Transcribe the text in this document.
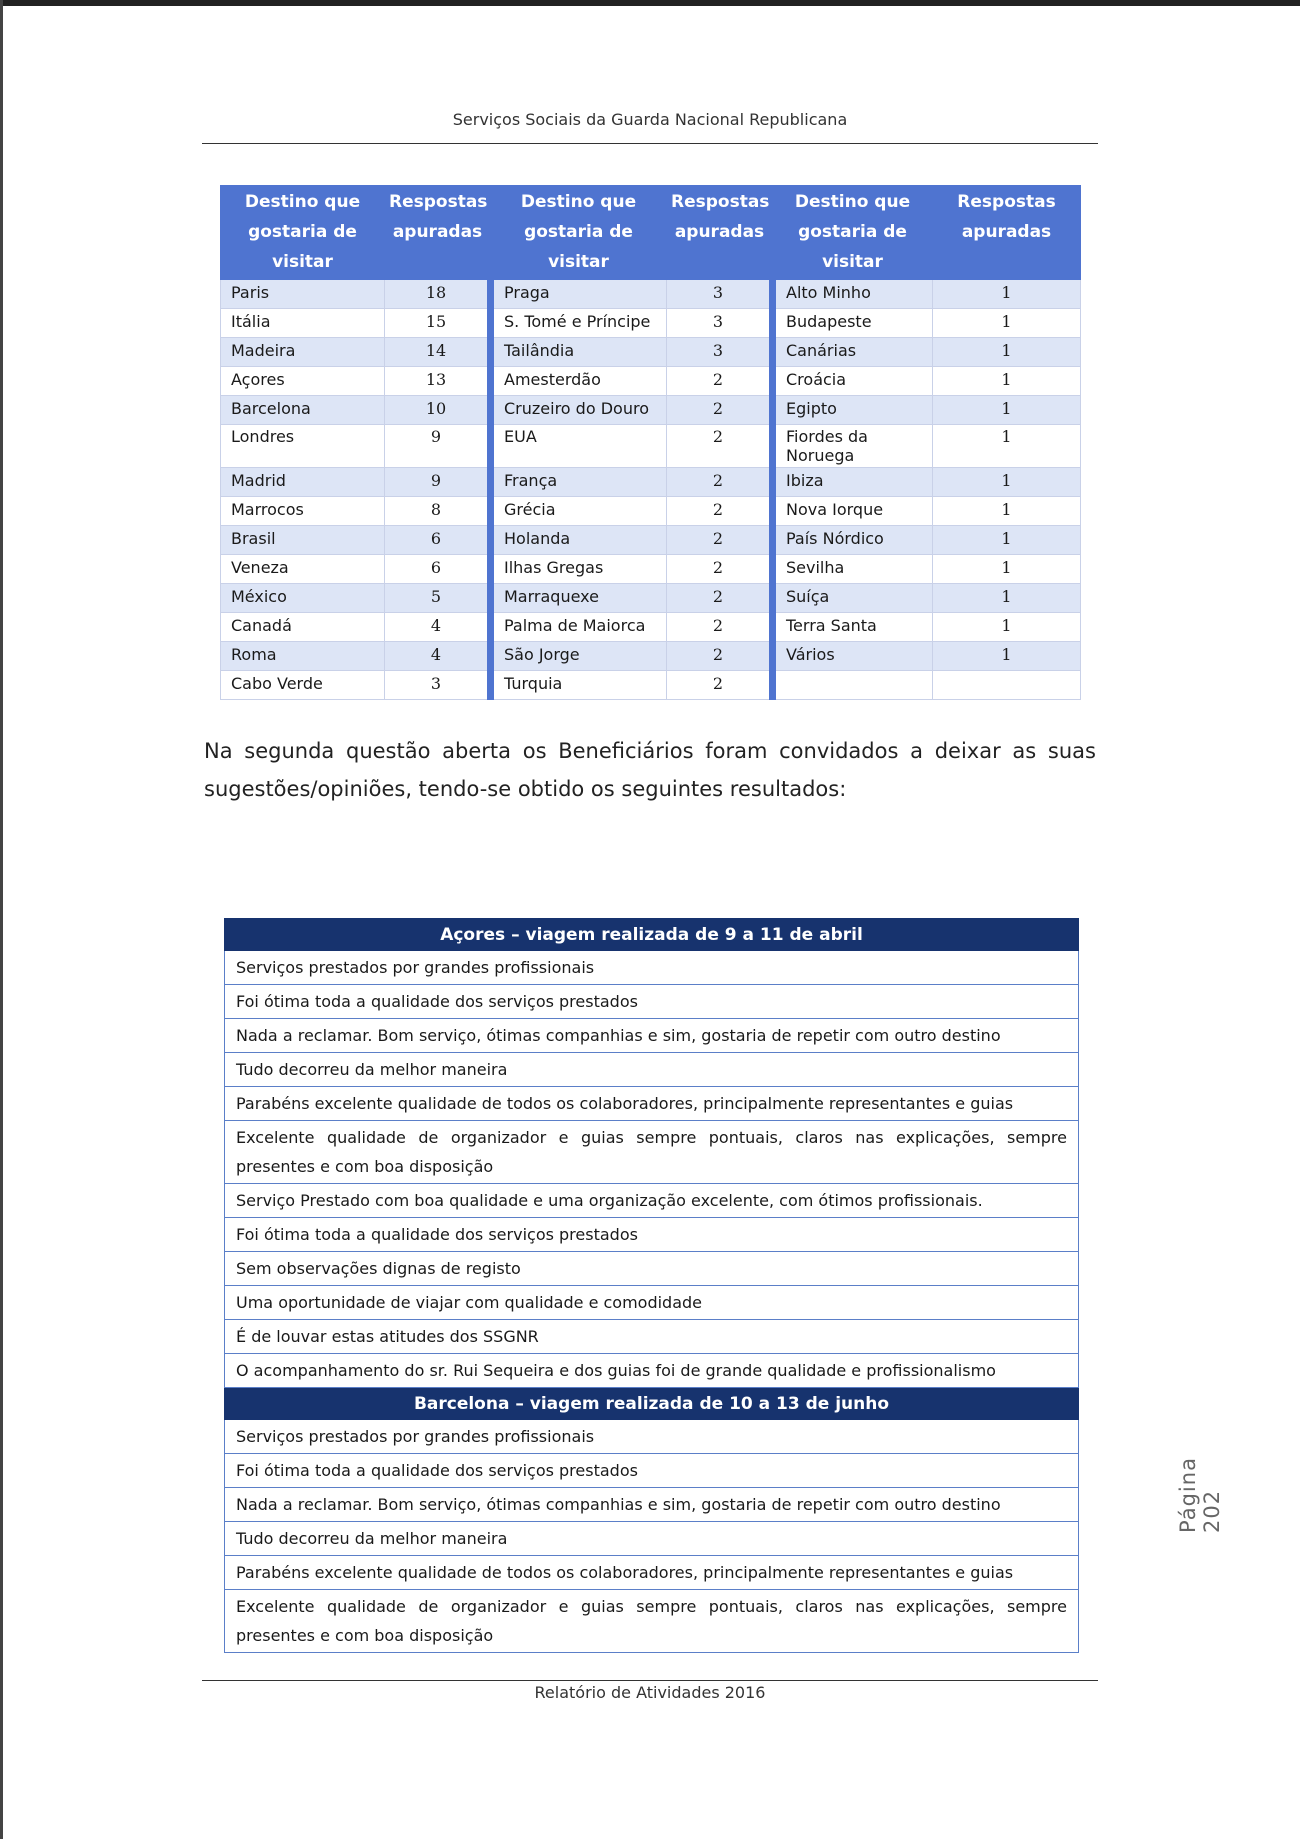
Serviços Sociais da Guarda Nacional Republicana
Destino que gostaria de visitar	Respostas apuradas	Destino que gostaria de visitar	Respostas apuradas	Destino que gostaria de visitar	Respostas apuradas
Paris	18	Praga	3	Alto Minho	1
Itália	15	S. Tomé e Príncipe	3	Budapeste	1
Madeira	14	Tailândia	3	Canárias	1
Açores	13	Amesterdão	2	Croácia	1
Barcelona	10	Cruzeiro do Douro	2	Egipto	1
Londres	9	EUA	2	Fiordes da Noruega	1
Madrid	9	França	2	Ibiza	1
Marrocos	8	Grécia	2	Nova Iorque	1
Brasil	6	Holanda	2	País Nórdico	1
Veneza	6	Ilhas Gregas	2	Sevilha	1
México	5	Marraquexe	2	Suíça	1
Canadá	4	Palma de Maiorca	2	Terra Santa	1
Roma	4	São Jorge	2	Vários	1
Cabo Verde	3	Turquia	2		
Na segunda questão aberta os Beneficiários foram convidados a deixar as suas sugestões/opiniões, tendo-se obtido os seguintes resultados:
Açores – viagem realizada de 9 a 11 de abril
Serviços prestados por grandes profissionais
Foi ótima toda a qualidade dos serviços prestados
Nada a reclamar. Bom serviço, ótimas companhias e sim, gostaria de repetir com outro destino
Tudo decorreu da melhor maneira
Parabéns excelente qualidade de todos os colaboradores, principalmente representantes e guias
Excelente qualidade de organizador e guias sempre pontuais, claros nas explicações, sempre presentes e com boa disposição
Serviço Prestado com boa qualidade e uma organização excelente, com ótimos profissionais.
Foi ótima toda a qualidade dos serviços prestados
Sem observações dignas de registo
Uma oportunidade de viajar com qualidade e comodidade
É de louvar estas atitudes dos SSGNR
O acompanhamento do sr. Rui Sequeira e dos guias foi de grande qualidade e profissionalismo
Barcelona – viagem realizada de 10 a 13 de junho
Serviços prestados por grandes profissionais
Foi ótima toda a qualidade dos serviços prestados
Nada a reclamar. Bom serviço, ótimas companhias e sim, gostaria de repetir com outro destino
Tudo decorreu da melhor maneira
Parabéns excelente qualidade de todos os colaboradores, principalmente representantes e guias
Excelente qualidade de organizador e guias sempre pontuais, claros nas explicações, sempre presentes e com boa disposição
Página 202
Relatório de Atividades 2016
